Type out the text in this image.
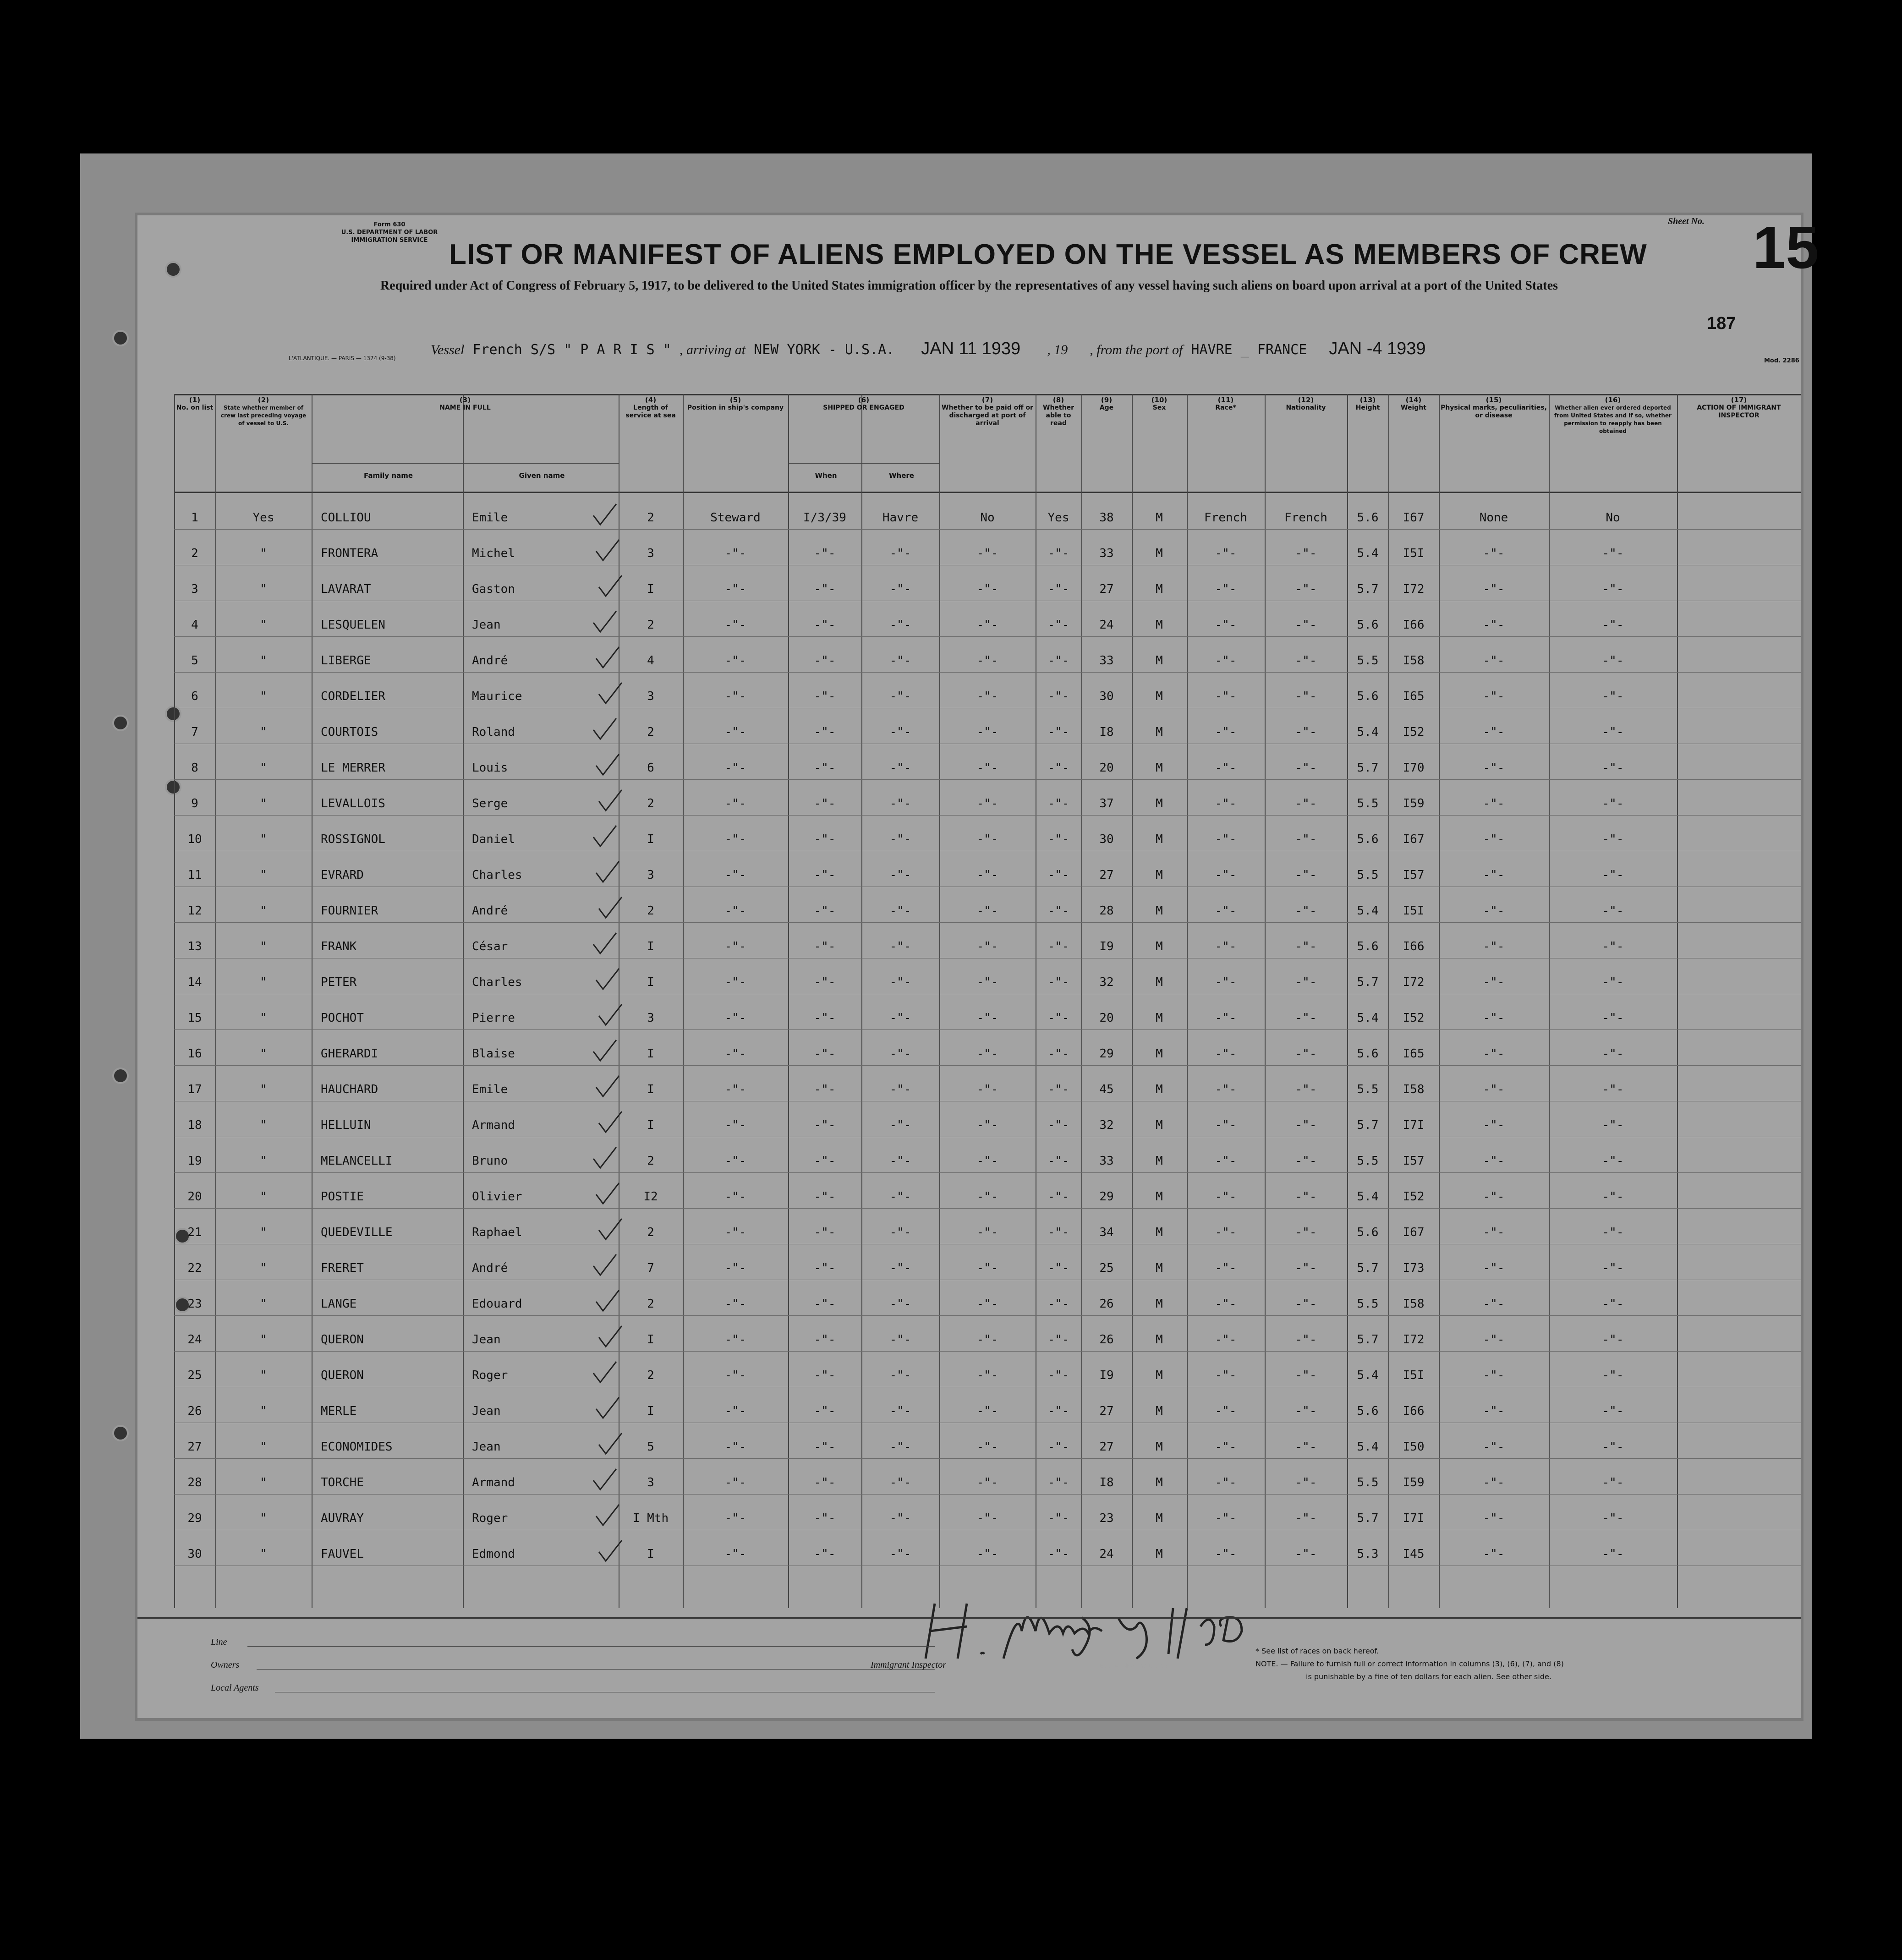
Form 630
U.S. DEPARTMENT OF LABOR
IMMIGRATION SERVICE LIST OR MANIFEST OF ALIENS EMPLOYED ON THE VESSEL AS MEMBERS OF CREW
Sheet No. 15
Required under Act of Congress of February 5, 1917, to be delivered to the United States immigration officer by the representatives of any vessel having such aliens on board upon arrival at a port of the United States
187
Vessel French S/S " P A R I S " , arriving at NEW YORK - U.S.A. JAN 11 1939 , 19 , from the port of HAVRE _ FRANCE JAN -4 1939
L'ATLANTIQUE. — PARIS — 1374 (9-38)	Mod. 2286
1	Yes	COLLIOU	Emile	2	Steward	I/3/39	Havre	No	Yes	38	M	French	French	5.6	I67	None	No
2	"	FRONTERA	Michel	3	-"-	-"-	-"-	-"-	-"-	33	M	-"-	-"-	5.4	I5I	-"-	-"-
3	"	LAVARAT	Gaston	I	-"-	-"-	-"-	-"-	-"-	27	M	-"-	-"-	5.7	I72	-"-	-"-
4	"	LESQUELEN	Jean	2	-"-	-"-	-"-	-"-	-"-	24	M	-"-	-"-	5.6	I66	-"-	-"-
5	"	LIBERGE	André	4	-"-	-"-	-"-	-"-	-"-	33	M	-"-	-"-	5.5	I58	-"-	-"-
6	"	CORDELIER	Maurice	3	-"-	-"-	-"-	-"-	-"-	30	M	-"-	-"-	5.6	I65	-"-	-"-
7	"	COURTOIS	Roland	2	-"-	-"-	-"-	-"-	-"-	I8	M	-"-	-"-	5.4	I52	-"-	-"-
8	"	LE MERRER	Louis	6	-"-	-"-	-"-	-"-	-"-	20	M	-"-	-"-	5.7	I70	-"-	-"-
9	"	LEVALLOIS	Serge	2	-"-	-"-	-"-	-"-	-"-	37	M	-"-	-"-	5.5	I59	-"-	-"-
10	"	ROSSIGNOL	Daniel	I	-"-	-"-	-"-	-"-	-"-	30	M	-"-	-"-	5.6	I67	-"-	-"-
11	"	EVRARD	Charles	3	-"-	-"-	-"-	-"-	-"-	27	M	-"-	-"-	5.5	I57	-"-	-"-
12	"	FOURNIER	André	2	-"-	-"-	-"-	-"-	-"-	28	M	-"-	-"-	5.4	I5I	-"-	-"-
13	"	FRANK	César	I	-"-	-"-	-"-	-"-	-"-	I9	M	-"-	-"-	5.6	I66	-"-	-"-
14	"	PETER	Charles	I	-"-	-"-	-"-	-"-	-"-	32	M	-"-	-"-	5.7	I72	-"-	-"-
15	"	POCHOT	Pierre	3	-"-	-"-	-"-	-"-	-"-	20	M	-"-	-"-	5.4	I52	-"-	-"-
16	"	GHERARDI	Blaise	I	-"-	-"-	-"-	-"-	-"-	29	M	-"-	-"-	5.6	I65	-"-	-"-
17	"	HAUCHARD	Emile	I	-"-	-"-	-"-	-"-	-"-	45	M	-"-	-"-	5.5	I58	-"-	-"-
18	"	HELLUIN	Armand	I	-"-	-"-	-"-	-"-	-"-	32	M	-"-	-"-	5.7	I7I	-"-	-"-
19	"	MELANCELLI	Bruno	2	-"-	-"-	-"-	-"-	-"-	33	M	-"-	-"-	5.5	I57	-"-	-"-
20	"	POSTIE	Olivier	I2	-"-	-"-	-"-	-"-	-"-	29	M	-"-	-"-	5.4	I52	-"-	-"-
21	"	QUEDEVILLE	Raphael	2	-"-	-"-	-"-	-"-	-"-	34	M	-"-	-"-	5.6	I67	-"-	-"-
22	"	FRERET	André	7	-"-	-"-	-"-	-"-	-"-	25	M	-"-	-"-	5.7	I73	-"-	-"-
23	"	LANGE	Edouard	2	-"-	-"-	-"-	-"-	-"-	26	M	-"-	-"-	5.5	I58	-"-	-"-
24	"	QUERON	Jean	I	-"-	-"-	-"-	-"-	-"-	26	M	-"-	-"-	5.7	I72	-"-	-"-
25	"	QUERON	Roger	2	-"-	-"-	-"-	-"-	-"-	I9	M	-"-	-"-	5.4	I5I	-"-	-"-
26	"	MERLE	Jean	I	-"-	-"-	-"-	-"-	-"-	27	M	-"-	-"-	5.6	I66	-"-	-"-
27	"	ECONOMIDES	Jean	5	-"-	-"-	-"-	-"-	-"-	27	M	-"-	-"-	5.4	I50	-"-	-"-
28	"	TORCHE	Armand	3	-"-	-"-	-"-	-"-	-"-	I8	M	-"-	-"-	5.5	I59	-"-	-"-
29	"	AUVRAY	Roger	I Mth	-"-	-"-	-"-	-"-	-"-	23	M	-"-	-"-	5.7	I7I	-"-	-"-
30	"	FAUVEL	Edmond	I	-"-	-"-	-"-	-"-	-"-	24	M	-"-	-"-	5.3	I45	-"-	-"-
H. S. Manley Insp 1/11/39
Line
Owners
Local Agents
Immigrant Inspector
* See list of races on back hereof.
NOTE. — Failure to furnish full or correct information in columns (3), (6), (7), and (8)
is punishable by a fine of ten dollars for each alien. See other side.
(1)
No. on list
(2)
State whether member of crew last preceding voyage of vessel to U.S.
(3)
NAME IN FULL
Family name	Given name
(4)
Length of service at sea
(5)
Position in ship's company
(6)
SHIPPED OR ENGAGED
When	Where
(7)
Whether to be paid off or discharged at port of arrival
(8)
Whether able to read
(9)
Age
(10)
Sex
(11)
Race*
(12)
Nationality
(13)
Height
(14)
Weight
(15)
Physical marks, peculiarities, or disease
(16)
Whether alien ever ordered deported from United States and if so, whether permission to reapply has been obtained
(17)
ACTION OF IMMIGRANT INSPECTOR
